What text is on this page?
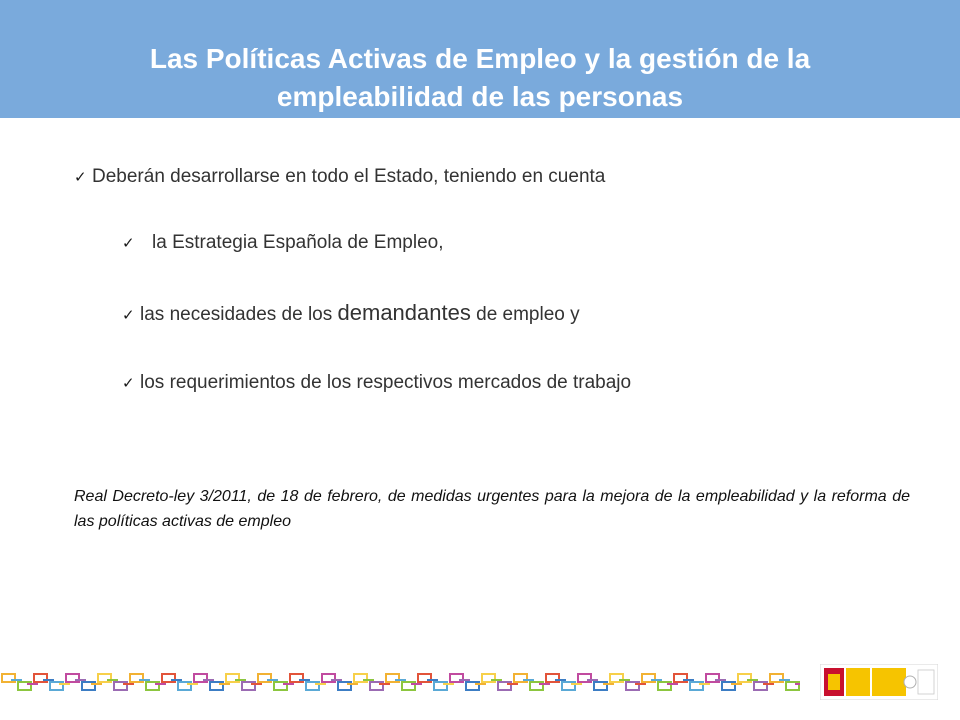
Las Políticas Activas de Empleo y la gestión de la empleabilidad de las personas
✓ Deberán desarrollarse en todo el Estado, teniendo en cuenta
✓ la Estrategia Española de Empleo,
✓ las necesidades de los demandantes de empleo y
✓ los requerimientos de los respectivos mercados de trabajo
Real Decreto-ley 3/2011, de 18 de febrero, de medidas urgentes para la mejora de la empleabilidad y la reforma de las políticas activas de empleo
